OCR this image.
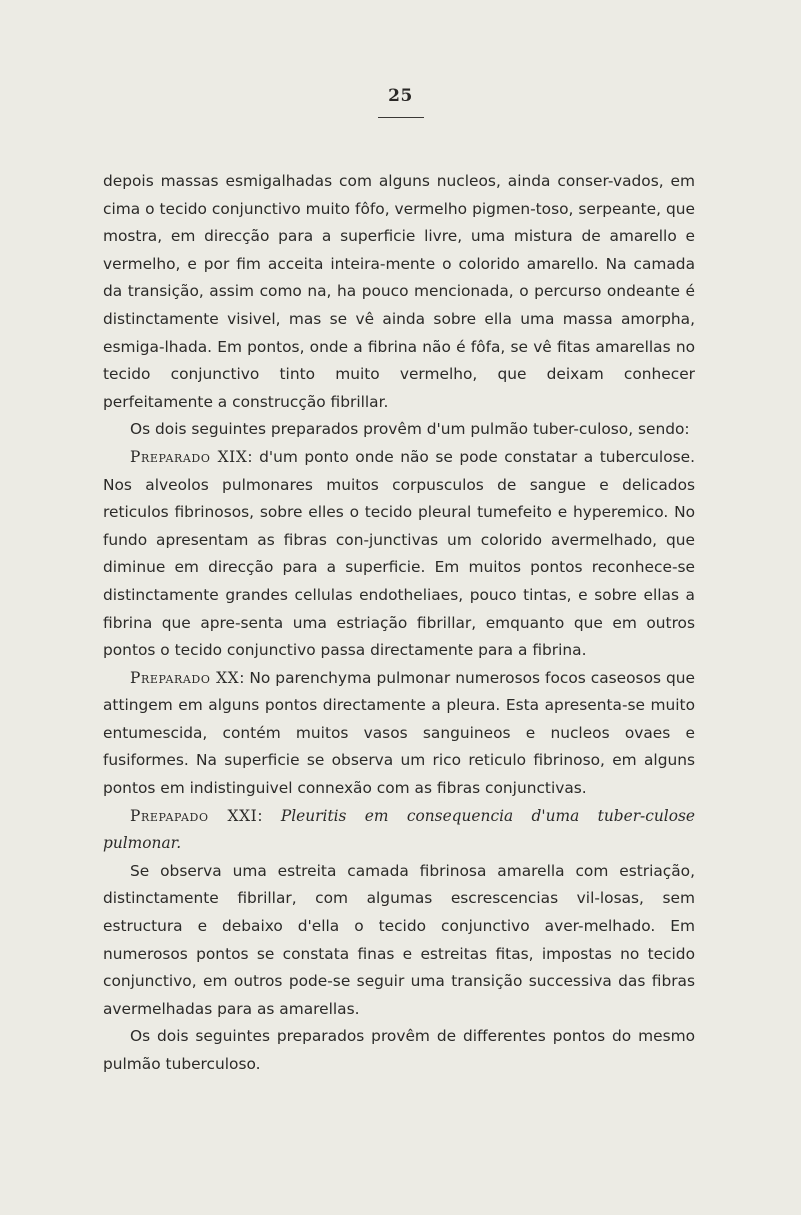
25

depois massas esmigalhadas com alguns nucleos, ainda conser-vados, em cima o tecido conjunctivo muito fôfo, vermelho pigmen-toso, serpeante, que mostra, em direcção para a superficie livre, uma mistura de amarello e vermelho, e por fim acceita inteira-mente o colorido amarello. Na camada da transição, assim como na, ha pouco mencionada, o percurso ondeante é distinctamente visivel, mas se vê ainda sobre ella uma massa amorpha, esmiga-lhada. Em pontos, onde a fibrina não é fôfa, se vê fitas amarellas no tecido conjunctivo tinto muito vermelho, que deixam conhecer perfeitamente a construcção fibrillar.

Os dois seguintes preparados provêm d'um pulmão tuber-culoso, sendo:

Preparado XIX: d'um ponto onde não se pode constatar a tuberculose. Nos alveolos pulmonares muitos corpusculos de sangue e delicados reticulos fibrinosos, sobre elles o tecido pleural tumefeito e hyperemico. No fundo apresentam as fibras con-junctivas um colorido avermelhado, que diminue em direcção para a superficie. Em muitos pontos reconhece-se distinctamente grandes cellulas endotheliaes, pouco tintas, e sobre ellas a fibrina que apre-senta uma estriação fibrillar, emquanto que em outros pontos o tecido conjunctivo passa directamente para a fibrina.

Preparado XX: No parenchyma pulmonar numerosos focos caseosos que attingem em alguns pontos directamente a pleura. Esta apresenta-se muito entumescida, contém muitos vasos sanguineos e nucleos ovaes e fusiformes. Na superficie se observa um rico reticulo fibrinoso, em alguns pontos em indistinguivel connexão com as fibras conjunctivas.

Prepapado XXI: Pleuritis em consequencia d'uma tuber-culose pulmonar.

Se observa uma estreita camada fibrinosa amarella com estriação, distinctamente fibrillar, com algumas escrescencias vil-losas, sem estructura e debaixo d'ella o tecido conjunctivo aver-melhado. Em numerosos pontos se constata finas e estreitas fitas, impostas no tecido conjunctivo, em outros pode-se seguir uma transição successiva das fibras avermelhadas para as amarellas.

Os dois seguintes preparados provêm de differentes pontos do mesmo pulmão tuberculoso.
